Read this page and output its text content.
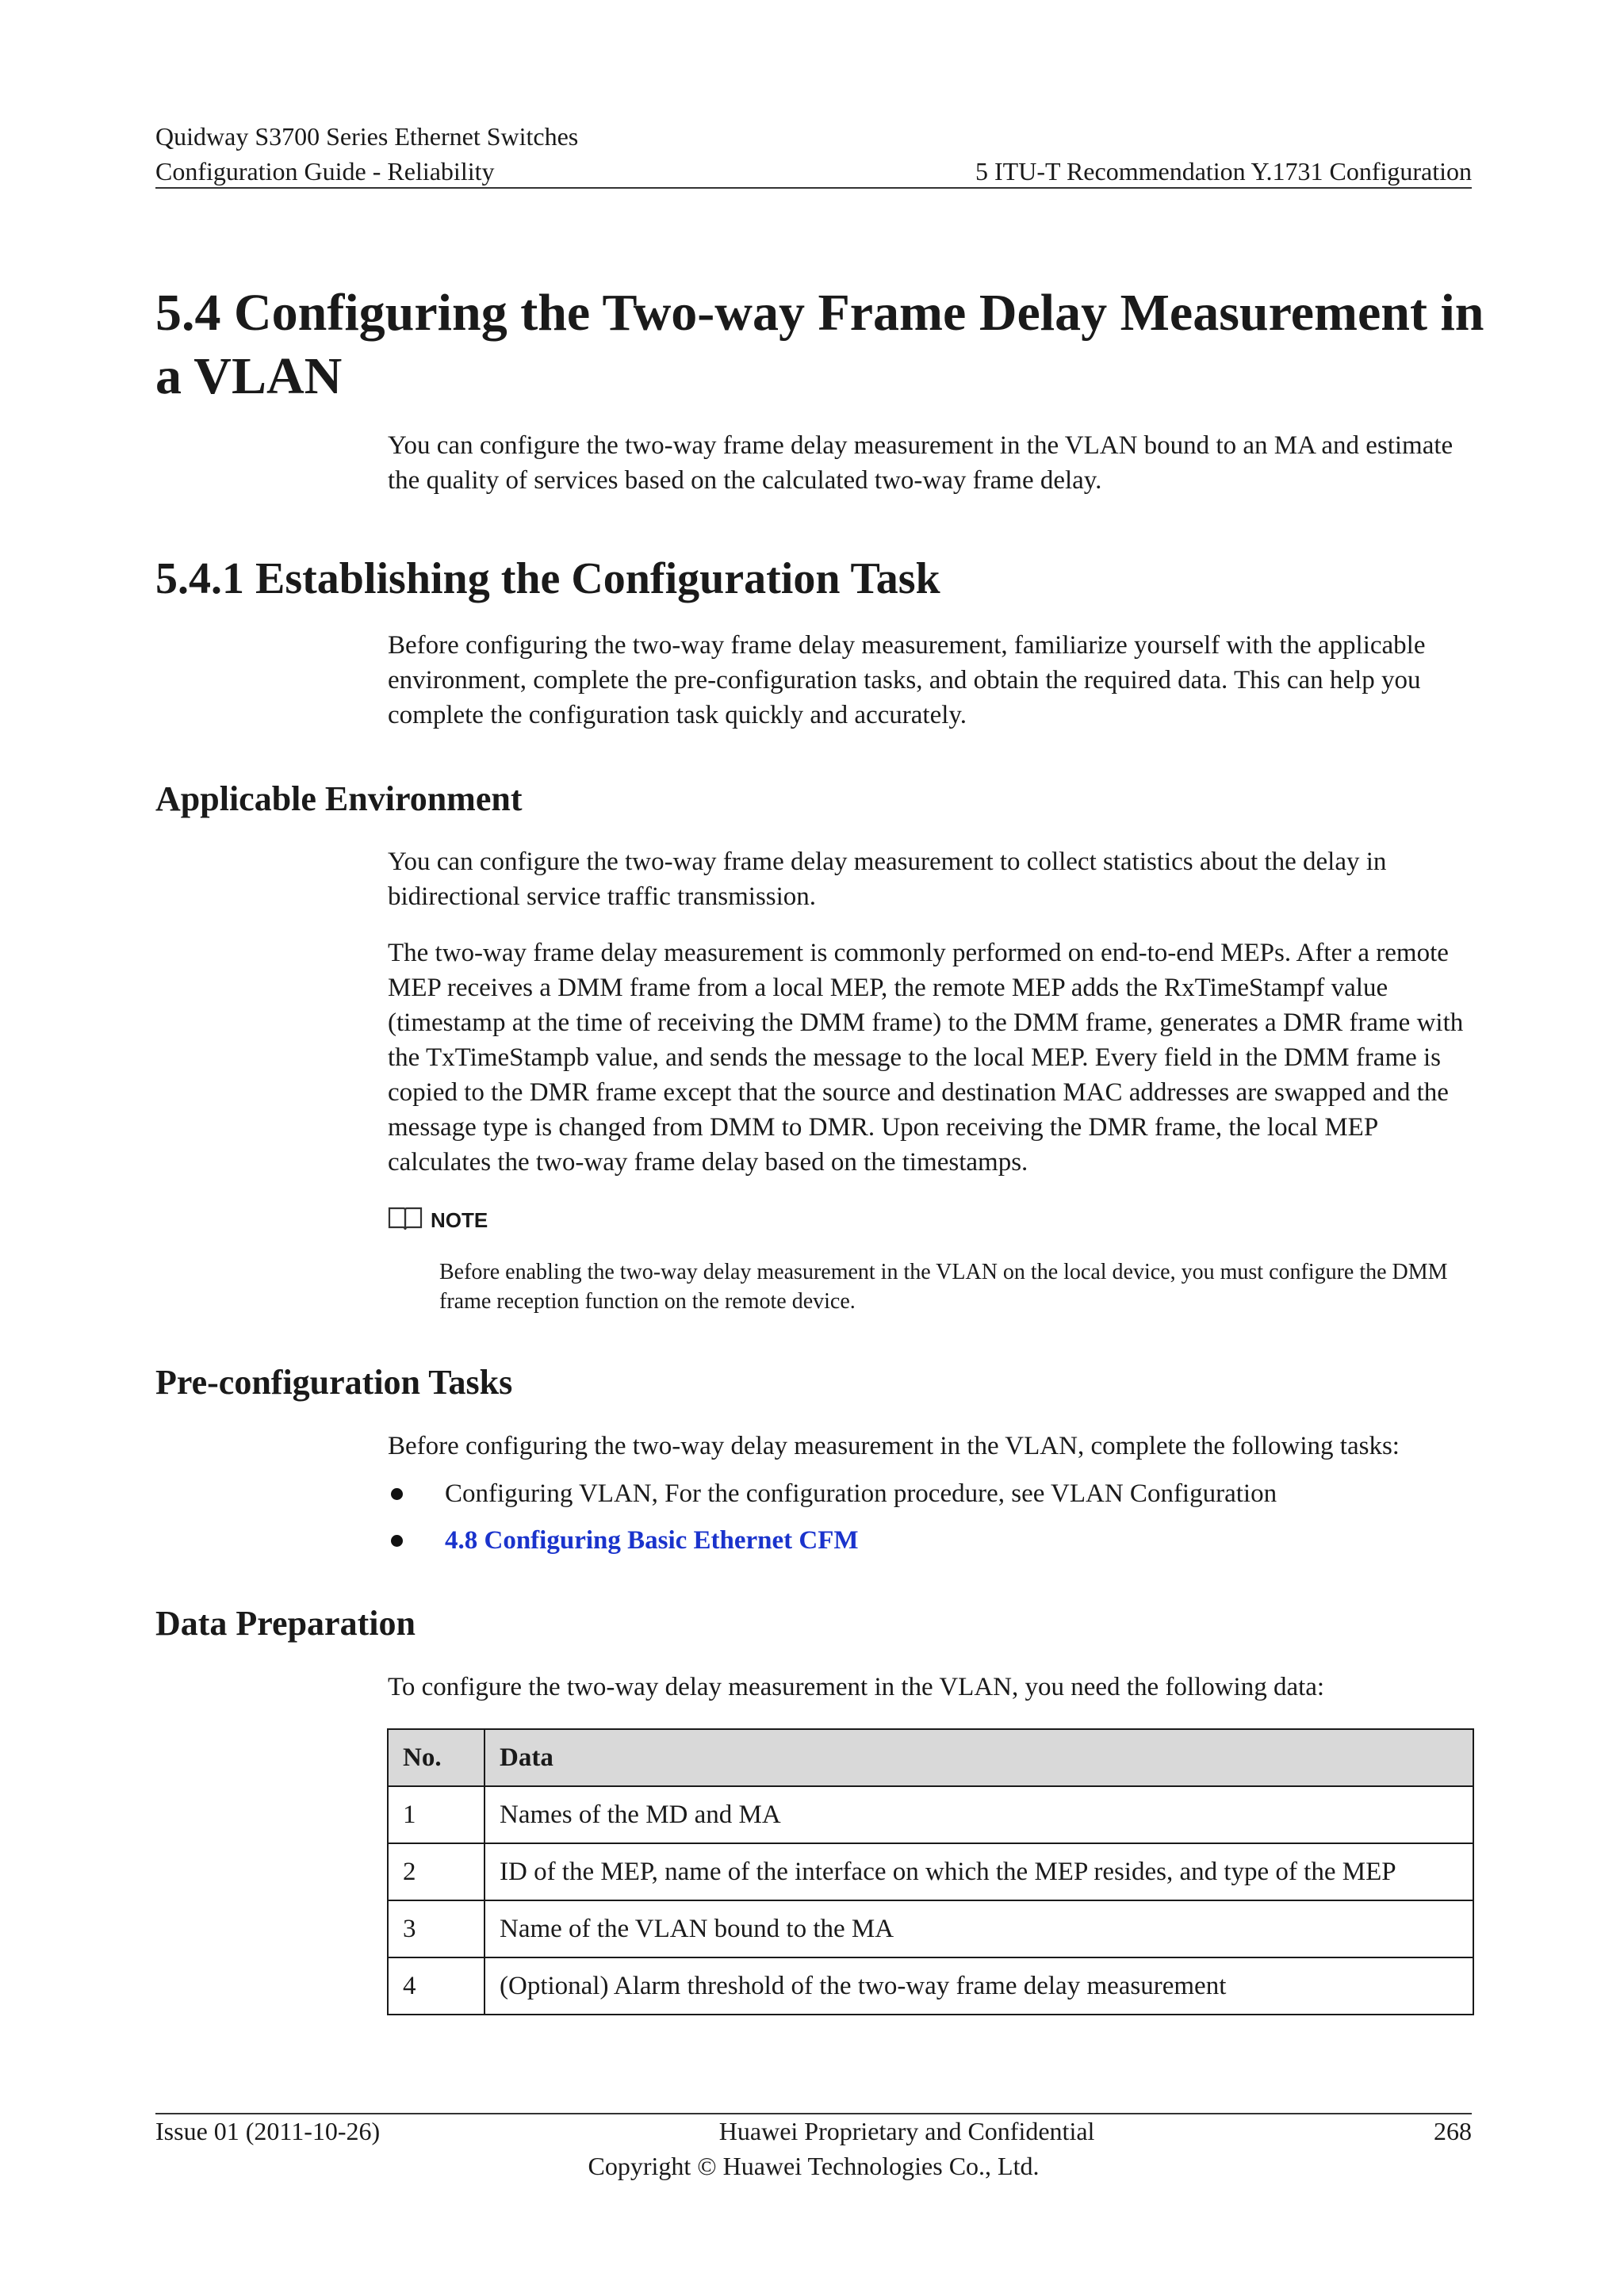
Quidway S3700 Series Ethernet Switches
Configuration Guide - Reliability	5 ITU-T Recommendation Y.1731 Configuration
5.4 Configuring the Two-way Frame Delay Measurement in a VLAN

You can configure the two-way frame delay measurement in the VLAN bound to an MA and estimate the quality of services based on the calculated two-way frame delay.

5.4.1 Establishing the Configuration Task

Before configuring the two-way frame delay measurement, familiarize yourself with the applicable environment, complete the pre-configuration tasks, and obtain the required data. This can help you complete the configuration task quickly and accurately.

Applicable Environment

You can configure the two-way frame delay measurement to collect statistics about the delay in bidirectional service traffic transmission.

The two-way frame delay measurement is commonly performed on end-to-end MEPs. After a remote MEP receives a DMM frame from a local MEP, the remote MEP adds the RxTimeStampf value (timestamp at the time of receiving the DMM frame) to the DMM frame, generates a DMR frame with the TxTimeStampb value, and sends the message to the local MEP. Every field in the DMM frame is copied to the DMR frame except that the source and destination MAC addresses are swapped and the message type is changed from DMM to DMR. Upon receiving the DMR frame, the local MEP calculates the two-way frame delay based on the timestamps.

NOTE

Before enabling the two-way delay measurement in the VLAN on the local device, you must configure the DMM frame reception function on the remote device.

Pre-configuration Tasks

Before configuring the two-way delay measurement in the VLAN, complete the following tasks:

Configuring VLAN, For the configuration procedure, see VLAN Configuration
4.8 Configuring Basic Ethernet CFM
Data Preparation

To configure the two-way delay measurement in the VLAN, you need the following data:

No.	Data
1	Names of the MD and MA
2	ID of the MEP, name of the interface on which the MEP resides, and type of the MEP
3	Name of the VLAN bound to the MA
4	(Optional) Alarm threshold of the two-way frame delay measurement
Issue 01 (2011-10-26)	Huawei Proprietary and Confidential	268
Copyright © Huawei Technologies Co., Ltd.
